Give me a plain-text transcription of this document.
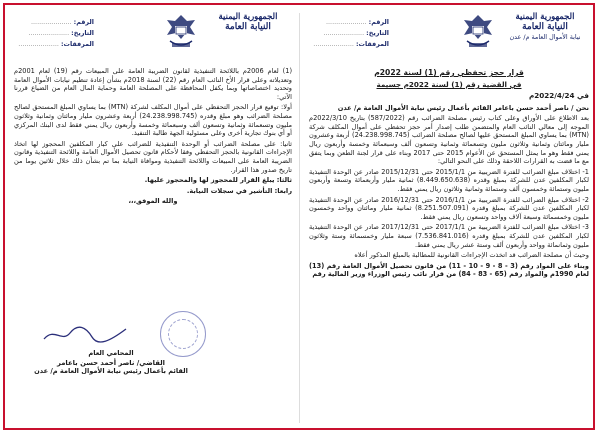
الجمهورية اليمنية
النيابة العامة
الرقم: ....................
التاريخ: ....................
المرفقات: ....................

(1) لعام 2006م باللائحة التنفيذية لقانون الضريبة العامة على المبيعات رقم (19) لعام 2001م وتعديلاته وعلى قرار الأخ النائب العام رقم (22) لسنة 2018م بشأن إعادة تنظيم نيابات الأموال العامة وتحديد اختصاصاتها وبما يكفل المحافظة على المصلحة العامة وحماية المال العام من الضياع قررنا الآتي:

أولا: توقيع قرار الحجز التحفظي على أموال المكلف لشركة (MTN) بما يساوي المبلغ المستحق لصالح مصلحة الضرائب وهو مبلغ وقدره (24.238.998.745) أربعة وعشرون مليار ومائتان وثمانية وثلاثون مليون وتسعمائة وثمانية وتسعون ألف وسبعمائة وخمسة وأربعون ريال يمني فقط لدى البنك المركزي أو أي بنوك تجارية أخرى وعلى مسئولية الجهة طالبة التنفيذ.

ثانيا: على مصلحة الضرائب أو الوحدة التنفيذية للضرائب على كبار المكلفين المحجوز لها اتخاذ الإجراءات القانونية بالحجز التحفظي وفقا لأحكام قانون تحصيل الأموال العامة واللائحة التنفيذية وقانون الضريبة العامة على المبيعات واللائحة التنفيذية وموافاة النيابة بما تم بشأن ذلك خلال ثلاثين يوما من تاريخ صدور هذا القرار.

ثالثا: يبلغ القرار للمحجوز لها والمحجوز عليها.

رابعا: التأشير في سجلات النيابة.

والله الموفق،،،

المحامي العام
القاضي/ ناصر أحمد حسن باعامر
القائم بأعمال رئيس نيابة الأموال العامة م/ عدن
الجمهورية اليمنية
النيابة العامة
نيابة الأموال العامة م/ عدن
الرقم: ....................
التاريخ: ....................
المرفقات: ....................
قرار حجز تحفظي رقم (1) لسنة 2022م
في القضية رقم (1) لسنة 2022م جسيمة
في 2022/4/24م

نحن / ناصر أحمد حسن باعامر القائم بأعمال رئيس نيابة الأموال العامة م/ عدن

بعد الاطلاع على الأوراق وعلى كتاب رئيس مصلحة الضرائب رقم (587/2022) بتاريخ 2022/3/10م الموجه إلى معالي النائب العام والمتضمن طلب إصدار أمر حجز تحفظي على أموال المكلف شركة (MTN) بما يساوي المبلغ المستحق عليها لصالح مصلحة الضرائب (24.238.998.745) أربعة وعشرون مليار ومائتان وثمانية وثلاثون مليون وتسعمائة وثمانية وتسعون ألف وسبعمائة وخمسة وأربعون ريال يمني فقط وهو ما يمثل المستحق عن الأعوام 2015 حتى 2017 وبناء على قرار لجنة الطعن وبما يتفق مع ما قضت به القرارات اللاحقة وذلك على النحو التالي:

1- اختلاف مبلغ الضرائب للفترة الضريبية من 2015/1/1 حتى 2015/12/31 صادر عن الوحدة التنفيذية لكبار المكلفين عدن للشركة بمبلغ وقدره (8.449.650.638) ثمانية مليار وأربعمائة وتسعة وأربعون مليون وستمائة وخمسون ألف وستمائة وثمانية وثلاثون ريال يمني فقط.

2- اختلاف مبلغ الضرائب للفترة الضريبية من 2016/1/1 حتى 2016/12/31 صادر عن الوحدة التنفيذية لكبار المكلفين عدن للشركة بمبلغ وقدره (8.251.507.091) ثمانية مليار ومائتان وواحد وخمسون مليون وخمسمائة وسبعة آلاف وواحد وتسعون ريال يمني فقط.

3- اختلاف مبلغ الضرائب للفترة الضريبية من 2017/1/1 حتى 2017/12/31 صادر عن الوحدة التنفيذية لكبار المكلفين عدن للشركة بمبلغ وقدره (7.536.841.016) سبعة مليار وخمسمائة وستة وثلاثون مليون وثمانمائة وواحد وأربعون ألف وستة عشر ريال يمني فقط.

وحيث أن مصلحة الضرائب قد اتخذت الإجراءات القانونية للمطالبة بالمبلغ المذكور أعلاه

وبناء على المواد رقم (3 - 8 - 9 - 10 - 11) من قانون تحصيل الأموال العامة رقم (13) لعام 1990م والمواد رقم (65 - 83 - 84) من قرار نائب رئيس الوزراء وزير المالية رقم
